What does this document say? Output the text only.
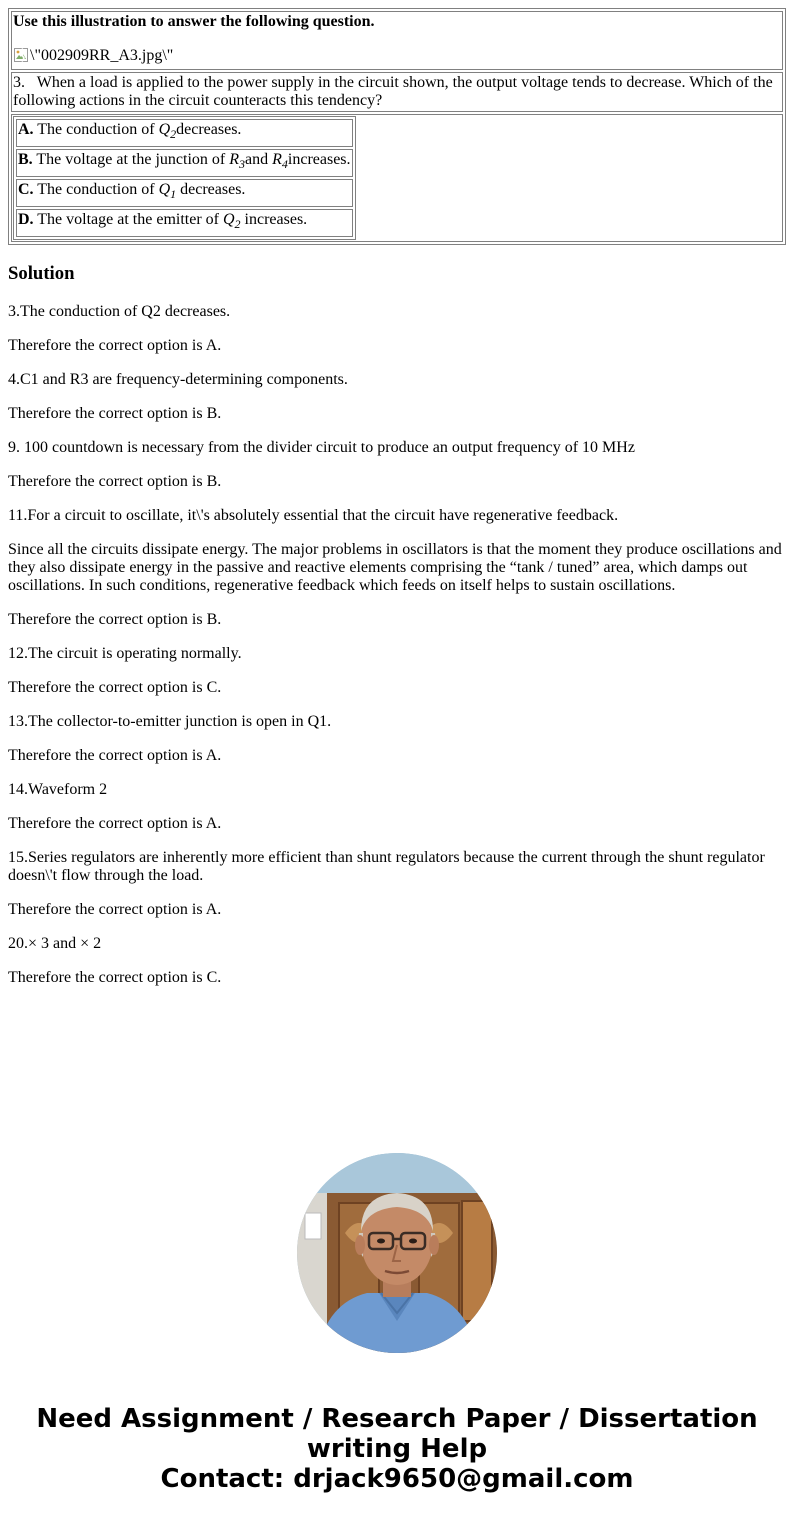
Use this illustration to answer the following question.

\"002909RR_A3.jpg\"

3. When a load is applied to the power supply in the circuit shown, the output voltage tends to decrease. Which of the following actions in the circuit counteracts this tendency?

A. The conduction of $Q_2decreases$.
B. The voltage at the junction of $R_3and$ $R_4increases$.
C. The conduction of $Q_1$ decreases.
D. The voltage at the emitter of $Q_2$ increases.
Solution

3.The conduction of Q2 decreases.

Therefore the correct option is A.

4.C1 and R3 are frequency-determining components.

Therefore the correct option is B.

9. 100 countdown is necessary from the divider circuit to produce an output frequency of 10 MHz

Therefore the correct option is B.

11.For a circuit to oscillate, it\'s absolutely essential that the circuit have regenerative feedback.

Since all the circuits dissipate energy. The major problems in oscillators is that the moment they produce oscillations and they also dissipate energy in the passive and reactive elements comprising the “tank / tuned” area, which damps out oscillations. In such conditions, regenerative feedback which feeds on itself helps to sustain oscillations.

Therefore the correct option is B.

12.The circuit is operating normally.

Therefore the correct option is C.

13.The collector-to-emitter junction is open in Q1.

Therefore the correct option is A.

14.Waveform 2

Therefore the correct option is A.

15.Series regulators are inherently more efficient than shunt regulators because the current through the shunt regulator doesn\'t flow through the load.

Therefore the correct option is A.

20.× 3 and × 2

Therefore the correct option is C.

Need Assignment / Research Paper / Dissertation
writing Help
Contact: drjack9650@gmail.com
